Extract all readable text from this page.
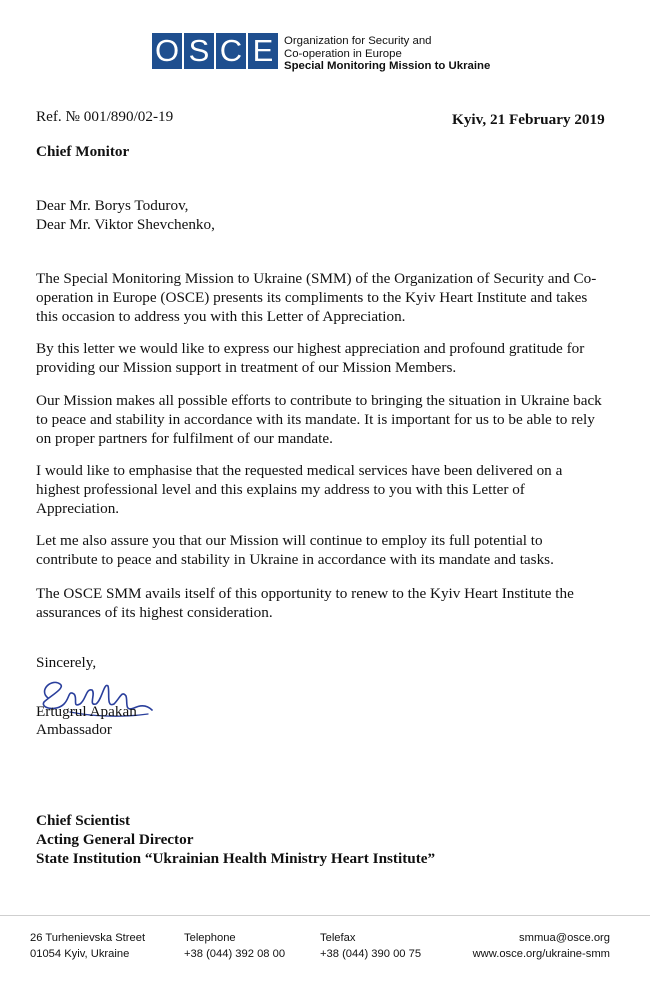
O S C E Organization for Security and
Co-operation in Europe
Special Monitoring Mission to Ukraine
Ref. № 001/890/02-19	Kyiv, 21 February 2019
Chief Monitor
Dear Mr. Borys Todurov,
Dear Mr. Viktor Shevchenko,
The Special Monitoring Mission to Ukraine (SMM) of the Organization of Security and Co-
operation in Europe (OSCE) presents its compliments to the Kyiv Heart Institute and takes
this occasion to address you with this Letter of Appreciation.
By this letter we would like to express our highest appreciation and profound gratitude for
providing our Mission support in treatment of our Mission Members.
Our Mission makes all possible efforts to contribute to bringing the situation in Ukraine back
to peace and stability in accordance with its mandate. It is important for us to be able to rely
on proper partners for fulfilment of our mandate.
I would like to emphasise that the requested medical services have been delivered on a
highest professional level and this explains my address to you with this Letter of
Appreciation.
Let me also assure you that our Mission will continue to employ its full potential to
contribute to peace and stability in Ukraine in accordance with its mandate and tasks.
The OSCE SMM avails itself of this opportunity to renew to the Kyiv Heart Institute the
assurances of its highest consideration.
Sincerely,
Ertugrul Apakan
Ambassador
Chief Scientist
Acting General Director
State Institution “Ukrainian Health Ministry Heart Institute”
26 Turhenievska Street
01054 Kyiv, Ukraine
Telephone
+38 (044) 392 08 00
Telefax
+38 (044) 390 00 75
smmua@osce.org
www.osce.org/ukraine-smm
